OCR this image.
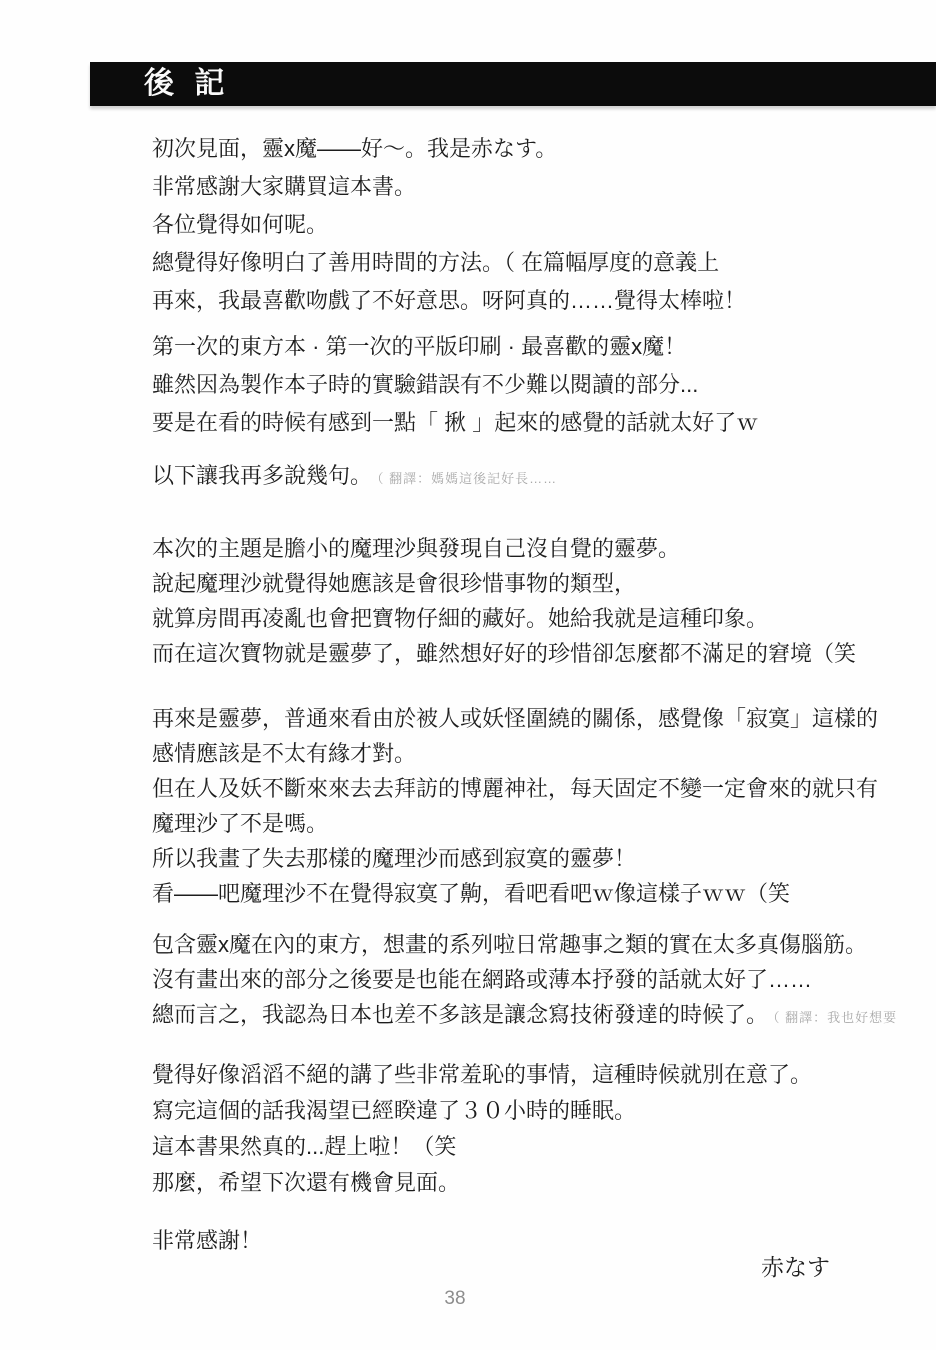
後 記
初次見面，靈x魔——好～。我是赤なす。
非常感謝大家購買這本書。
各位覺得如何呢。
總覺得好像明白了善用時間的方法。（ 在篇幅厚度的意義上
再來，我最喜歡吻戲了不好意思。呀阿真的……覺得太棒啦！
第一次的東方本 · 第一次的平版印刷 · 最喜歡的靈x魔！
雖然因為製作本子時的實驗錯誤有不少難以閱讀的部分...
要是在看的時候有感到一點「 揪 」起來的感覺的話就太好了ｗ
以下讓我再多說幾句。 （ 翻譯：媽媽這後記好長……
本次的主題是膽小的魔理沙與發現自己沒自覺的靈夢。
說起魔理沙就覺得她應該是會很珍惜事物的類型，
就算房間再凌亂也會把寶物仔細的藏好。她給我就是這種印象。
而在這次寶物就是靈夢了，雖然想好好的珍惜卻怎麼都不滿足的窘境（笑
再來是靈夢，普通來看由於被人或妖怪圍繞的關係，感覺像「寂寞」這樣的
感情應該是不太有緣才對。
但在人及妖不斷來來去去拜訪的博麗神社，每天固定不變一定會來的就只有
魔理沙了不是嗎。
所以我畫了失去那樣的魔理沙而感到寂寞的靈夢！
看——吧魔理沙不在覺得寂寞了齁，看吧看吧ｗ像這樣子ｗｗ（笑
包含靈x魔在內的東方，想畫的系列啦日常趣事之類的實在太多真傷腦筋。
沒有畫出來的部分之後要是也能在網路或薄本抒發的話就太好了……
總而言之，我認為日本也差不多該是讓念寫技術發達的時候了。 （ 翻譯：我也好想要
覺得好像滔滔不絕的講了些非常羞恥的事情，這種時候就別在意了。
寫完這個的話我渴望已經睽違了３０小時的睡眠。
這本書果然真的...趕上啦！（笑
那麼，希望下次還有機會見面。
非常感謝！
赤なす
38
